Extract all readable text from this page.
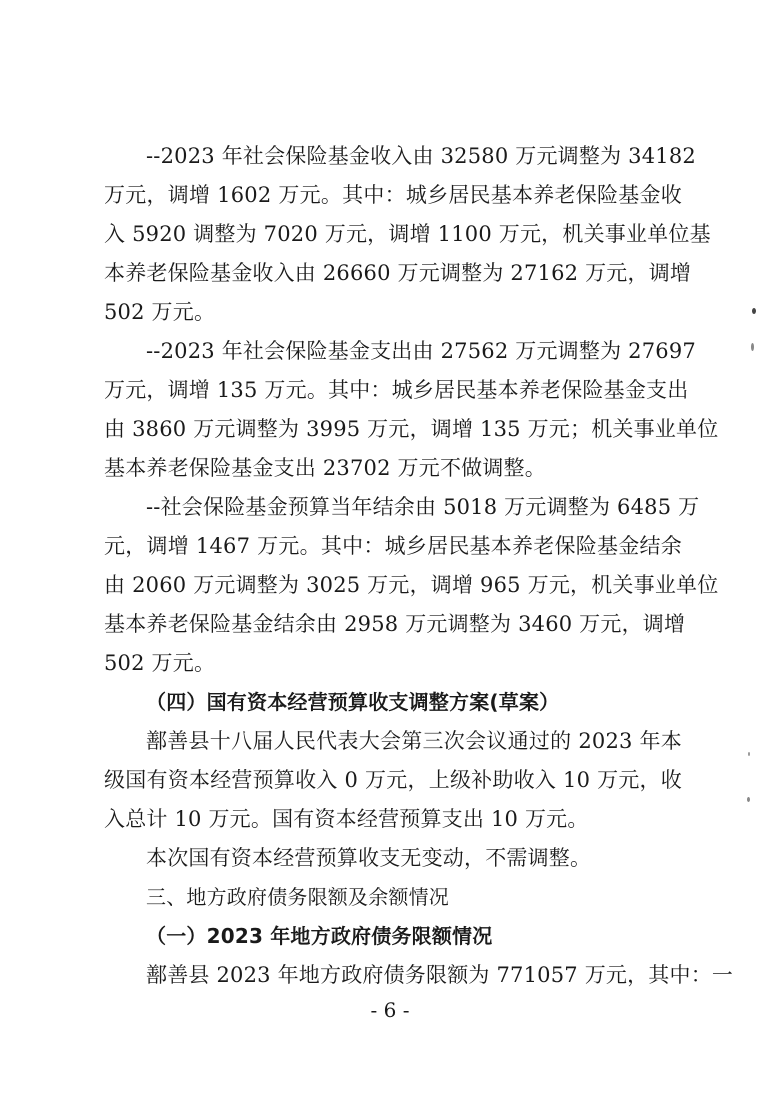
--2023 年社会保险基金收入由 32580 万元调整为 34182
万元，调增 1602 万元。其中：城乡居民基本养老保险基金收
入 5920 调整为 7020 万元，调增 1100 万元，机关事业单位基
本养老保险基金收入由 26660 万元调整为 27162 万元，调增
502 万元。
--2023 年社会保险基金支出由 27562 万元调整为 27697
万元，调增 135 万元。其中：城乡居民基本养老保险基金支出
由 3860 万元调整为 3995 万元，调增 135 万元；机关事业单位
基本养老保险基金支出 23702 万元不做调整。
--社会保险基金预算当年结余由 5018 万元调整为 6485 万
元，调增 1467 万元。其中：城乡居民基本养老保险基金结余
由 2060 万元调整为 3025 万元，调增 965 万元，机关事业单位
基本养老保险基金结余由 2958 万元调整为 3460 万元，调增
502 万元。
（四）国有资本经营预算收支调整方案(草案）
鄯善县十八届人民代表大会第三次会议通过的 2023 年本
级国有资本经营预算收入 0 万元，上级补助收入 10 万元，收
入总计 10 万元。国有资本经营预算支出 10 万元。
本次国有资本经营预算收支无变动，不需调整。
三、地方政府债务限额及余额情况
（一）2023 年地方政府债务限额情况
鄯善县 2023 年地方政府债务限额为 771057 万元，其中：一
- 6 -
